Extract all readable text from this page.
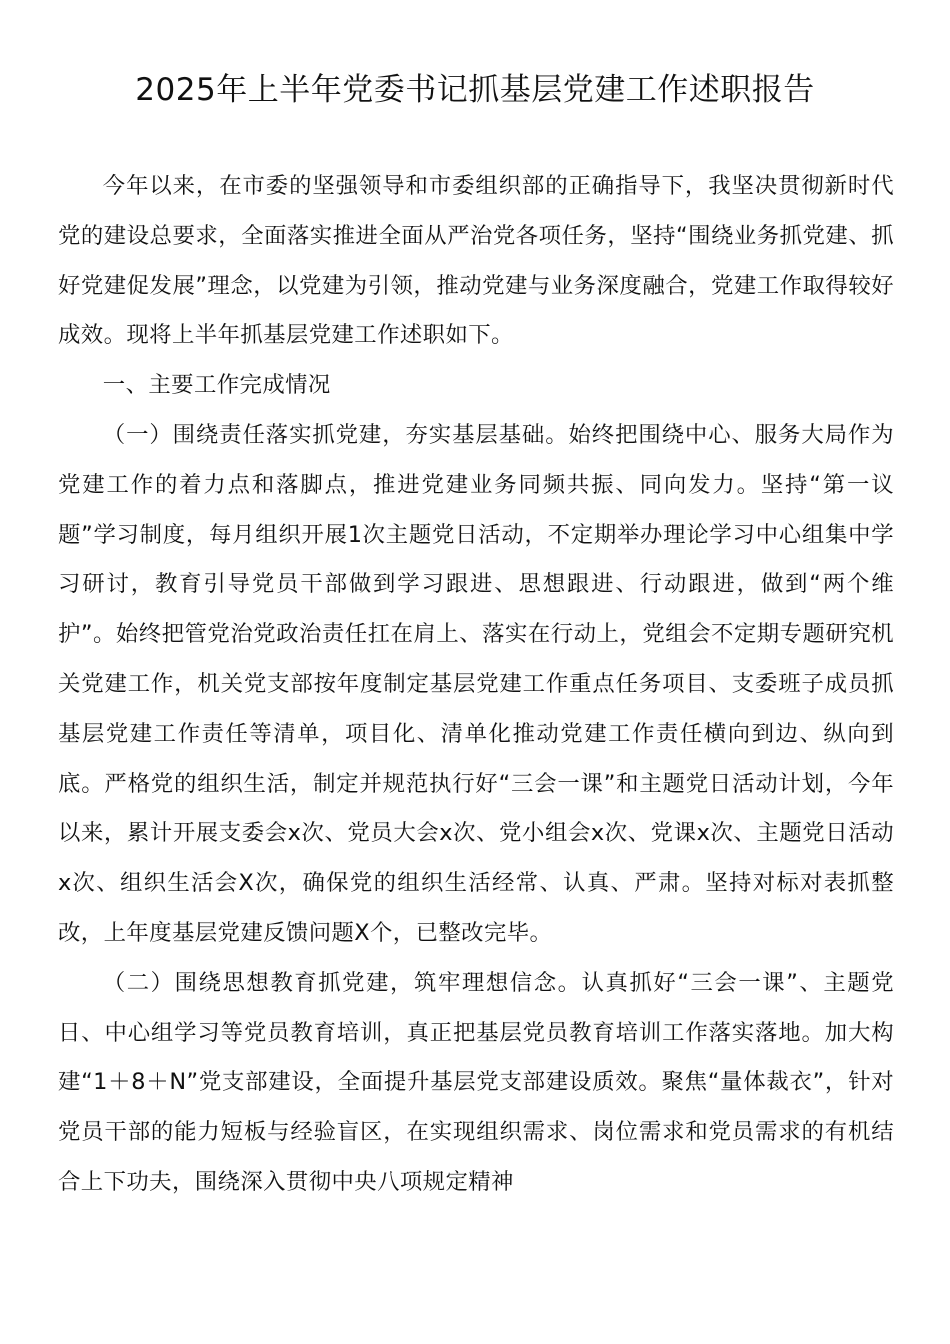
2025年上半年党委书记抓基层党建工作述职报告

今年以来，在市委的坚强领导和市委组织部的正确指导下，我坚决贯彻新时代党的建设总要求，全面落实推进全面从严治党各项任务，坚持“围绕业务抓党建、抓好党建促发展”理念，以党建为引领，推动党建与业务深度融合，党建工作取得较好成效。现将上半年抓基层党建工作述职如下。

一、主要工作完成情况

（一）围绕责任落实抓党建，夯实基层基础。始终把围绕中心、服务大局作为党建工作的着力点和落脚点，推进党建业务同频共振、同向发力。坚持“第一议题”学习制度，每月组织开展1次主题党日活动，不定期举办理论学习中心组集中学习研讨，教育引导党员干部做到学习跟进、思想跟进、行动跟进，做到“两个维护”。始终把管党治党政治责任扛在肩上、落实在行动上，党组会不定期专题研究机关党建工作，机关党支部按年度制定基层党建工作重点任务项目、支委班子成员抓基层党建工作责任等清单，项目化、清单化推动党建工作责任横向到边、纵向到底。严格党的组织生活，制定并规范执行好“三会一课”和主题党日活动计划，今年以来，累计开展支委会x次、党员大会x次、党小组会x次、党课x次、主题党日活动x次、组织生活会X次，确保党的组织生活经常、认真、严肃。坚持对标对表抓整改，上年度基层党建反馈问题X个，已整改完毕。

（二）围绕思想教育抓党建，筑牢理想信念。认真抓好“三会一课”、主题党日、中心组学习等党员教育培训，真正把基层党员教育培训工作落实落地。加大构建“1＋8＋N”党支部建设，全面提升基层党支部建设质效。聚焦“量体裁衣”，针对党员干部的能力短板与经验盲区，在实现组织需求、岗位需求和党员需求的有机结合上下功夫，围绕深入贯彻中央八项规定精神
